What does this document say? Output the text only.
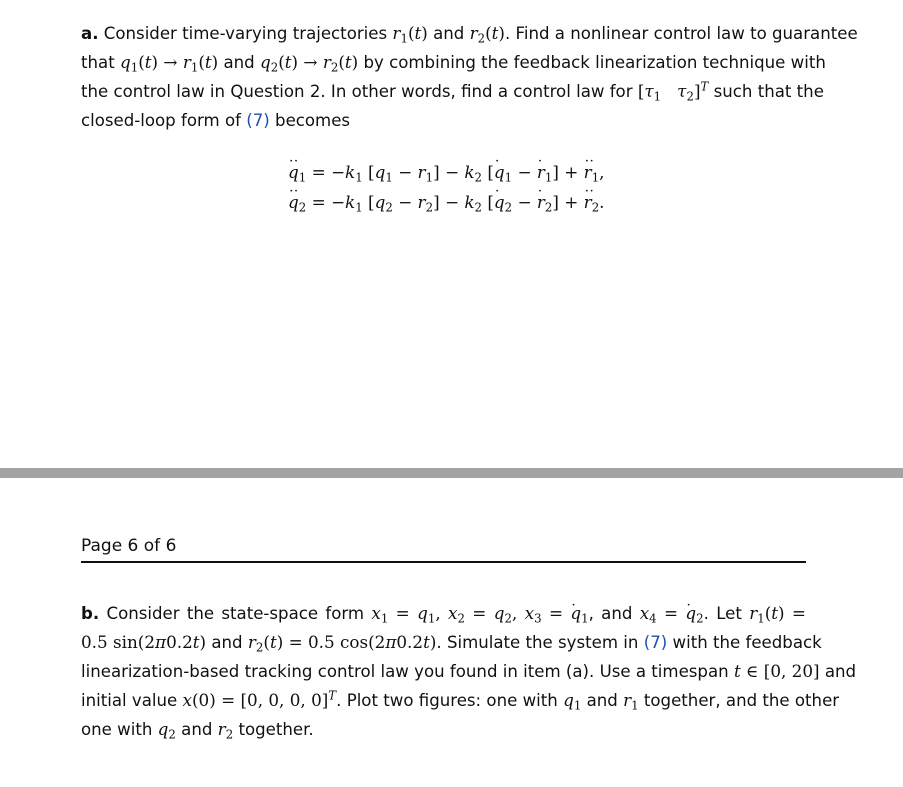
a. Consider time-varying trajectories $r_1(t)$ and $r_2(t)$. Find a nonlinear control law to guarantee
that $q_1(t) \to r_1(t)$ and $q_2(t) \to r_2(t)$ by combining the feedback linearization technique with
the control law in Question 2. In other words, find a control law for [$\tau_1$   $\tau_2]^T$ such that the
closed-loop form of (7) becomes
·· $q_1 = -k_1$ $[q_1 - r_1] - k_2$ [· $q_1$ − · $r_1$] + ·· $r_1$,
·· $q_2 = -k_1$ $[q_2 - r_2] - k_2$ [· $q_2$ − · $r_2$] + ·· $r_2$.
Page 6 of 6
b. Consider the state-space form $x_1 = q_1$, $x_2 = q_2$, $x_3$ = · $q_1$, and $x_4$ = · $q_2$. Let $r_1(t)$ =
0.5 sin(2π0.2t) and $r_2(t) = 0.5$ cos(2π0.2t). Simulate the system in (7) with the feedback
linearization-based tracking control law you found in item (a). Use a timespan t ∈ [0, 20] and
initial value x(0) = [0, 0, 0, 0]$^T$. Plot two figures: one with $q_1$ and $r_1$ together, and the other
one with $q_2$ and $r_2$ together.
